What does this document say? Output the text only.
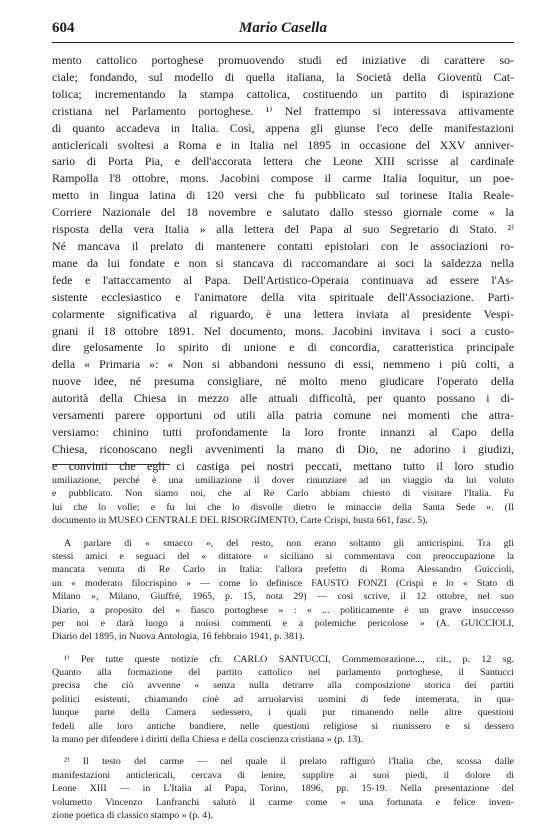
604	Mario Casella
mento cattolico portoghese promuovendo studi ed iniziative di carattere so-
ciale; fondando, sul modello di quella italiana, la Società della Gioventù Cat-
tolica; incrementando la stampa cattolica, costituendo un partito di ispirazione
cristiana nel Parlamento portoghese. ¹⁾ Nel frattempo si interessava attivamente
di quanto accadeva in Italia. Così, appena gli giunse l'eco delle manifestazioni
anticlericali svoltesi a Roma e in Italia nel 1895 in occasione del XXV anniver-
sario di Porta Pia, e dell'accorata lettera che Leone XIII scrisse al cardinale
Rampolla l'8 ottobre, mons. Jacobini compose il carme Italia loquitur, un poe-
metto in lingua latina di 120 versi che fu pubblicato sul torinese Italia Reale-
Corriere Nazionale del 18 novembre e salutato dallo stesso giornale come « la
risposta della vera Italia » alla lettera del Papa al suo Segretario di Stato. ²⁾
Né mancava il prelato di mantenere contatti epistolari con le associazioni ro-
mane da lui fondate e non si stancava di raccomandare ai soci la saldezza nella
fede e l'attaccamento al Papa. Dell'Artistico-Operaia continuava ad essere l'As-
sistente ecclesiastico e l'animatore della vita spirituale dell'Associazione. Parti-
colarmente significativa al riguardo, è una lettera inviata al presidente Vespi-
gnani il 18 ottobre 1891. Nel documento, mons. Jacobini invitava i soci a custo-
dire gelosamente lo spirito di unione e di concordia, caratteristica principale
della « Primaria »: « Non si abbandoni nessuno di essi, nemmeno i più colti, a
nuove idee, né presuma consigliare, né molto meno giudicare l'operato della
autorità della Chiesa in mezzo alle attuali difficoltà, per quanto possano i di-
versamenti parere opportuni od utili alla patria comune nei momenti che attra-
versiamo: chinino tutti profondamente la loro fronte innanzi al Capo della
Chiesa, riconoscano negli avvenimenti la mano di Dio, ne adorino i giudizi,
e convinti che egli ci castiga pei nostri peccati, mettano tutto il loro studio
umiliazione, perché è una umiliazione il dover rinunziare ad un viaggio da lui voluto
e pubblicato. Non siamo noi, che al Re Carlo abbiam chiesto di visitare l'Italia. Fu
lui che lo volle; e fu lui che lo disvolle dietro le minaccie della Santa Sede ». (Il
documento in MUSEO CENTRALE DEL RISORGIMENTO, Carte Crispi, busta 661, fasc. 5).
A parlare di « smacco », del resto, non erano soltanto gli anticrispini. Tra gli
stessi amici e seguaci del « dittatore » siciliano si commentava con preoccupazione la
mancata venuta di Re Carlo in Italia: l'allora prefetto di Roma Alessandro Guiccioli,
un « moderato filocrispino » — come lo definisce FAUSTO FONZI (Crispi e lo « Stato di
Milano », Milano, Giuffrè, 1965, p. 15, nota 29) — così scrive, il 12 ottobre, nel suo
Diario, a proposito del « fiasco portoghese » : « ... politicamente è un grave insuccesso
per noi e darà luogo a noiosi commenti e a polemiche pericolose » (A. GUICCIOLI,
Diario del 1895, in Nuova Antologia, 16 febbraio 1941, p. 381).
¹⁾ Per tutte queste notizie cfr. CARLO SANTUCCI, Commemorazione..., cit., p. 12 sg.
Quanto alla formazione del partito cattolico nel parlamento portoghese, il Santucci
precisa che ciò avvenne « senza nulla detrarre alla composizione storica dei partiti
politici esistenti, chiamando cioè ad arruolarvisi uomini di fede intemerata, in qua-
lunque parte della Camera sedessero, i quali pur rimanendo nelle altre questioni
fedeli alle loro antiche bandiere, nelle questioni religiose si riunissero e si dessero
la mano per difendere i diritti della Chiesa e della coscienza cristiana » (p. 13).
²⁾ Il testo del carme — nel quale il prelato raffigurò l'Italia che, scossa dalle
manifestazioni anticlericali, cercava di lenire, supplire ai suoi piedi, il dolore di
Leone XIII — in L'Italia al Papa, Torino, 1896, pp. 15-19. Nella presentazione del
volumetto Vincenzo Lanfranchi salutò il carme come « una fortunata e felice inven-
zione poetica di classico stampo » (p. 4).
